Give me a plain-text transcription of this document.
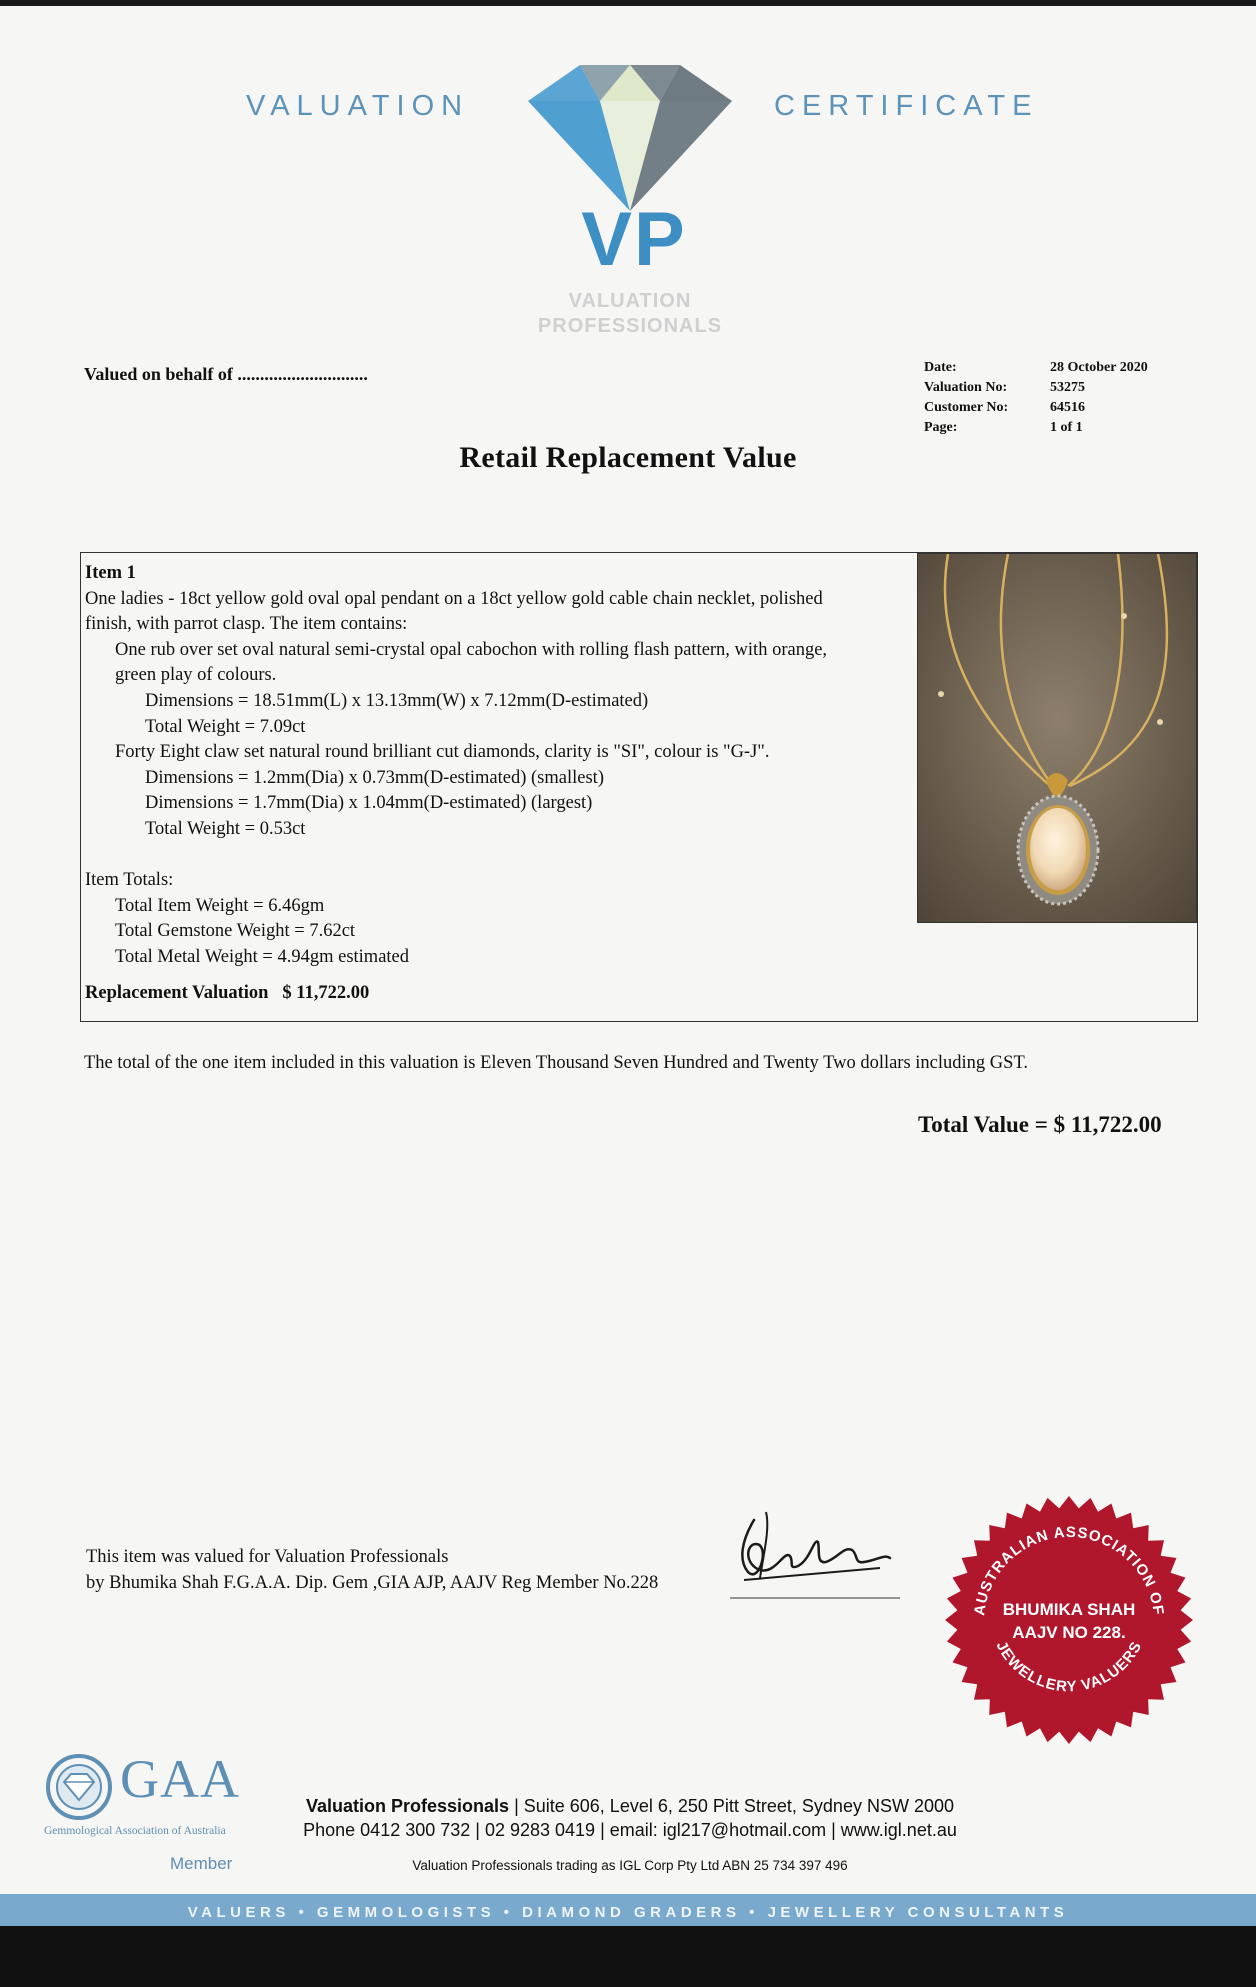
VALUATION	CERTIFICATE
VP
VALUATION
PROFESSIONALS
Valued on behalf of .............................	Date:	28 October 2020
Valuation No:	53275
Customer No:	64516
Page:	1 of 1
Retail Replacement Value
Item 1
One ladies - 18ct yellow gold oval opal pendant on a 18ct yellow gold cable chain necklet, polished
finish, with parrot clasp. The item contains:
One rub over set oval natural semi-crystal opal cabochon with rolling flash pattern, with orange,
green play of colours.
Dimensions = 18.51mm(L) x 13.13mm(W) x 7.12mm(D-estimated)
Total Weight = 7.09ct
Forty Eight claw set natural round brilliant cut diamonds, clarity is "SI", colour is "G-J".
Dimensions = 1.2mm(Dia) x 0.73mm(D-estimated) (smallest)
Dimensions = 1.7mm(Dia) x 1.04mm(D-estimated) (largest)
Total Weight = 0.53ct
Item Totals:
Total Item Weight = 6.46gm
Total Gemstone Weight = 7.62ct
Total Metal Weight = 4.94gm estimated
Replacement Valuation $ 11,722.00
The total of the one item included in this valuation is Eleven Thousand Seven Hundred and Twenty Two dollars including GST.
Total Value = $ 11,722.00
This item was valued for Valuation Professionals
by Bhumika Shah F.G.A.A. Dip. Gem ,GIA AJP, AAJV Reg Member No.228
AUSTRALIAN ASSOCIATION OF
BHUMIKA SHAH
AAJV NO 228.
JEWELLERY VALUERS
GAA
Gemmological Association of Australia
Member
Valuation Professionals | Suite 606, Level 6, 250 Pitt Street, Sydney NSW 2000
Phone 0412 300 732 | 02 9283 0419 | email: igl217@hotmail.com | www.igl.net.au
Valuation Professionals trading as IGL Corp Pty Ltd ABN 25 734 397 496
VALUERS • GEMMOLOGISTS • DIAMOND GRADERS • JEWELLERY CONSULTANTS
